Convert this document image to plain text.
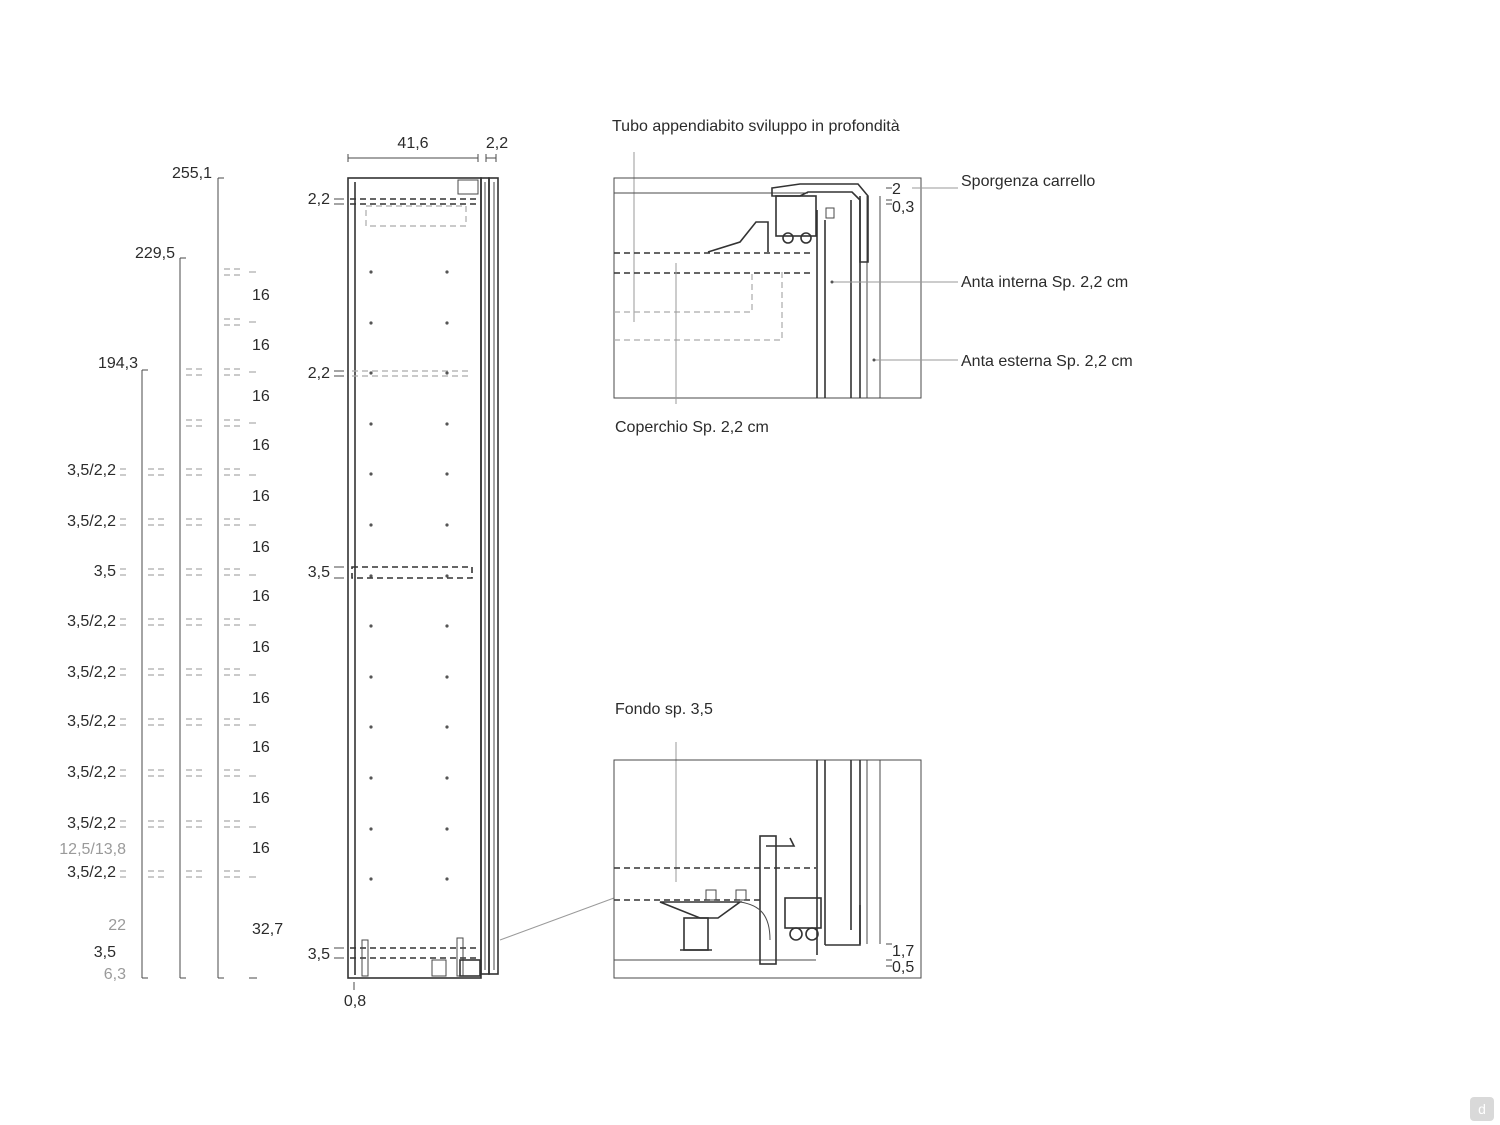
255,1
229,5
194,3
3,5/2,2
3,5/2,2
3,5
3,5/2,2
3,5/2,2
3,5/2,2
3,5/2,2
3,5/2,2
12,5/13,8
3,5/2,2
22
3,5
6,3
16
16
16
16
16
16
16
16
16
16
16
16
32,7
41,6	2,2
2,2
2,2
3,5
3,5
0,8
Tubo appendiabito sviluppo in profondità
2
0,3
Sporgenza carrello
Anta interna Sp. 2,2 cm
Anta esterna Sp. 2,2 cm
Coperchio Sp. 2,2 cm
Fondo sp. 3,5
1,7
0,5
d
